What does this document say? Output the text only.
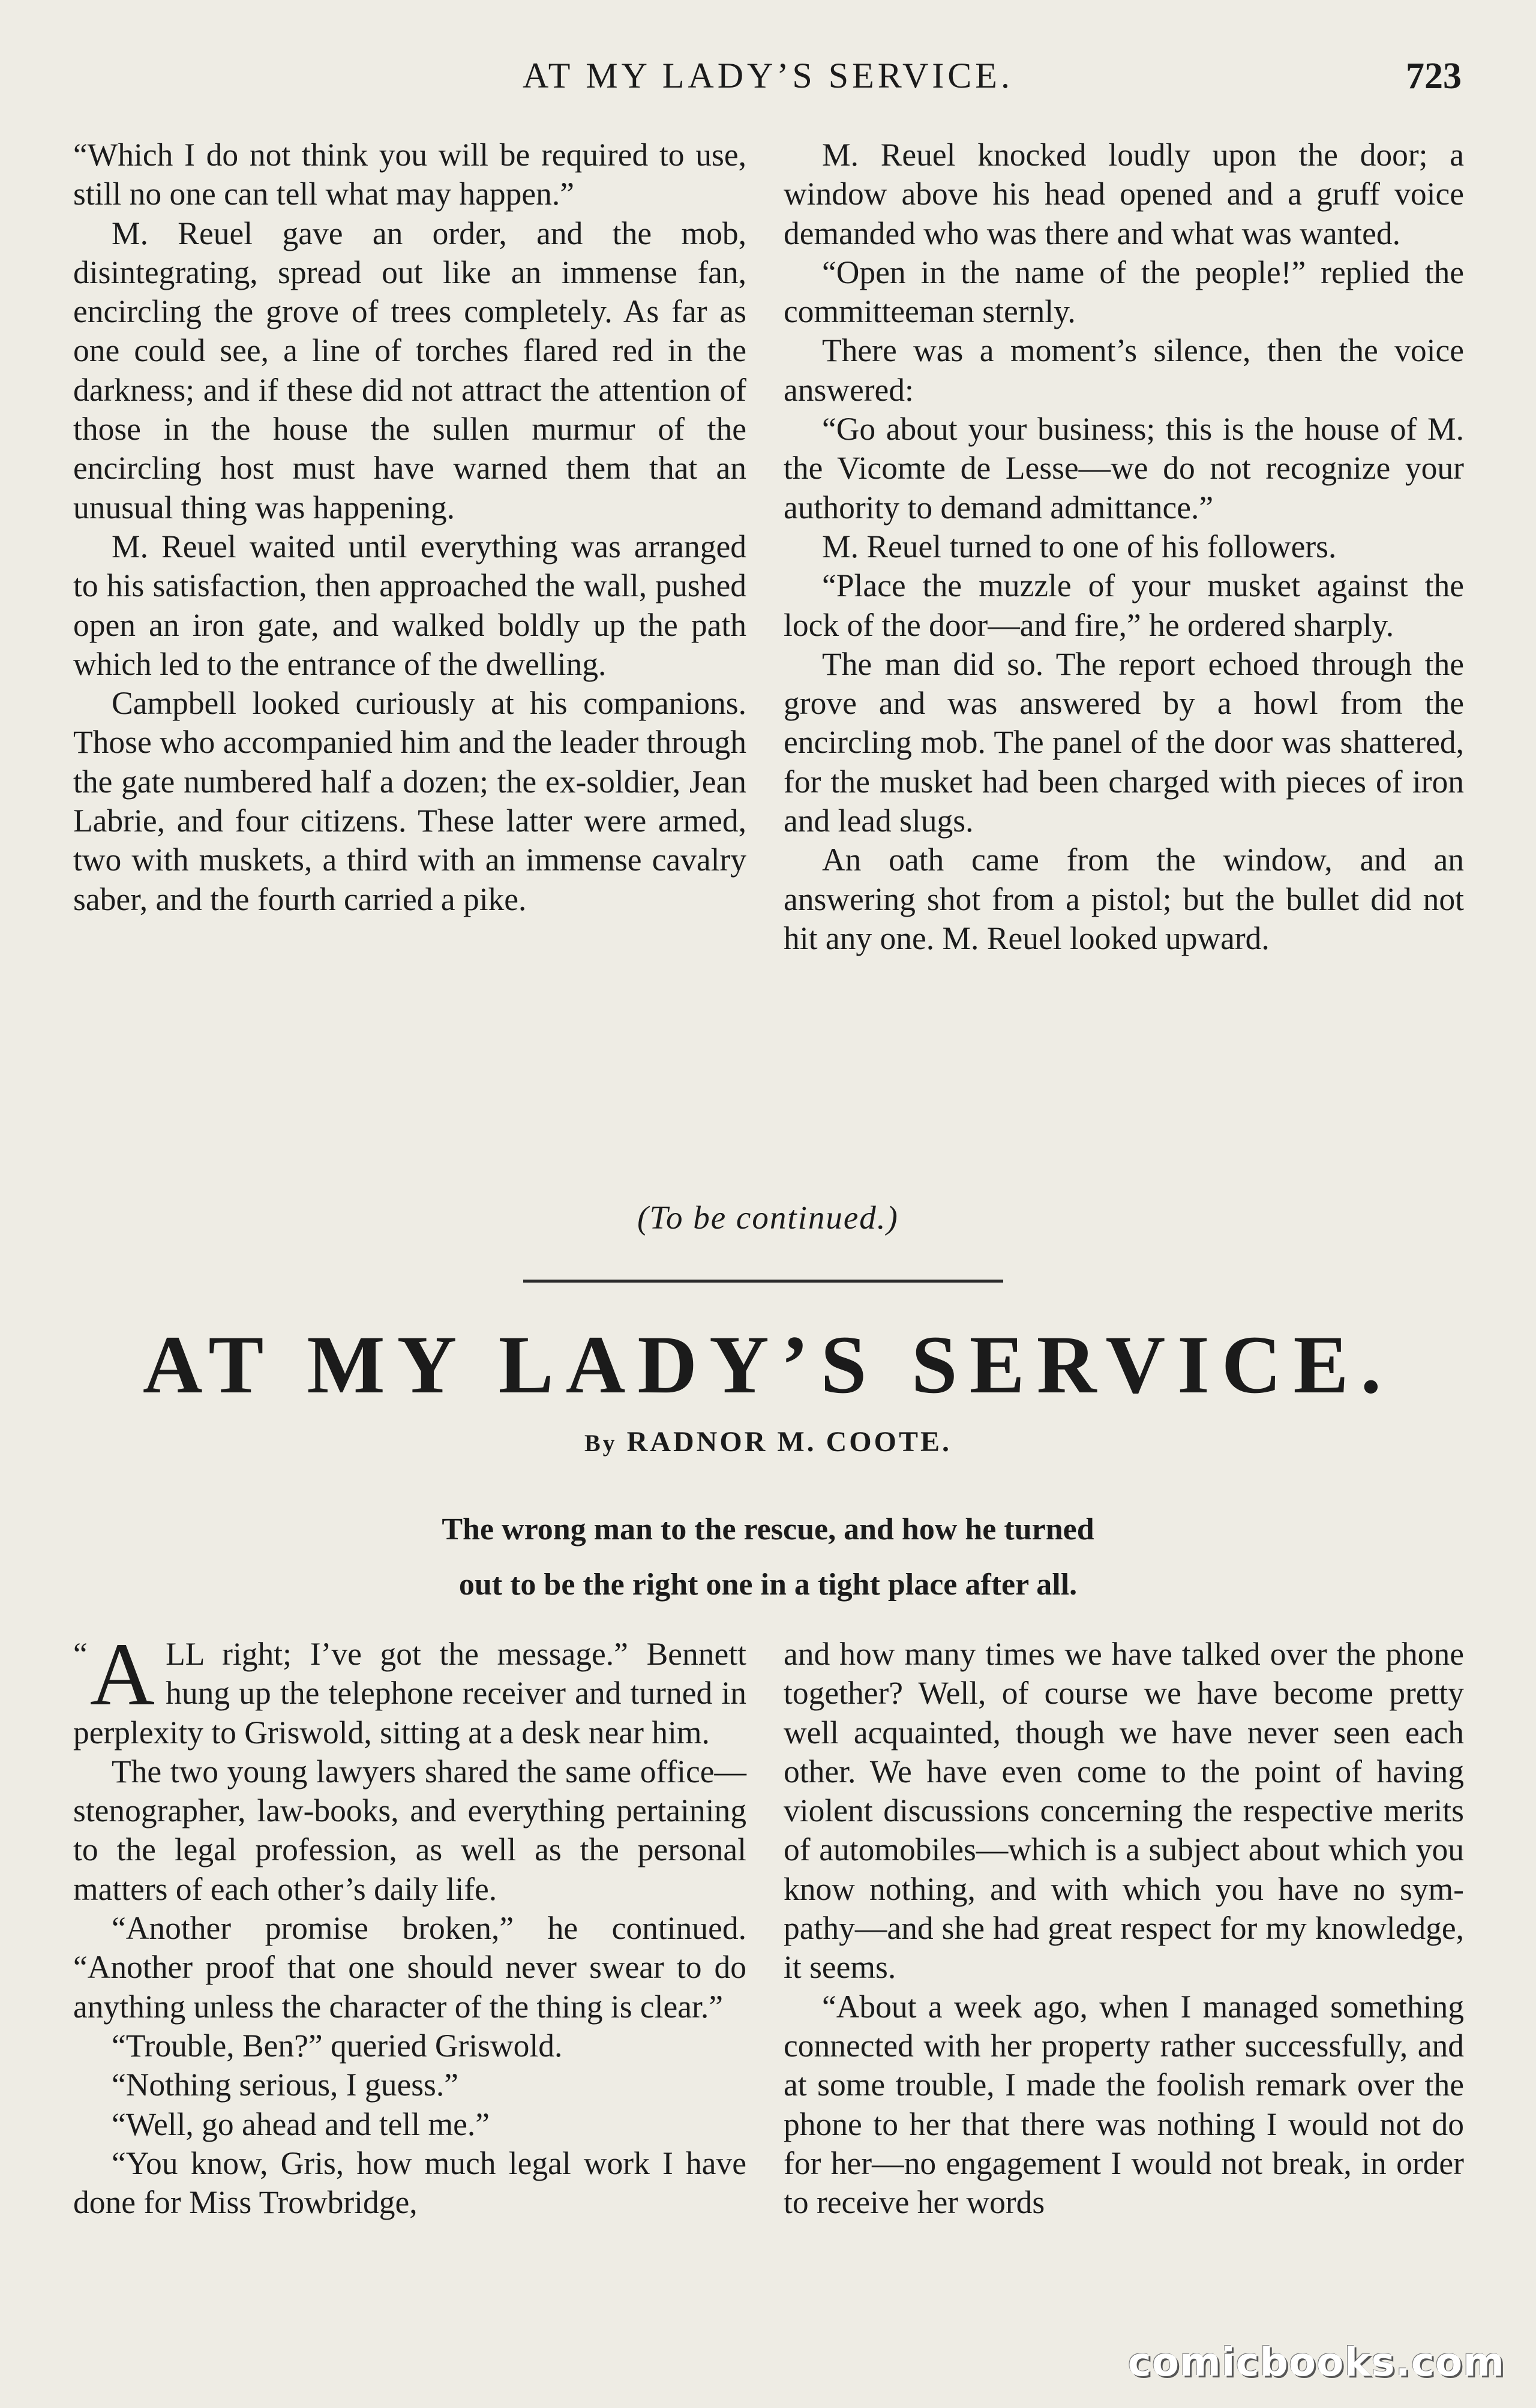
AT MY LADY’S SERVICE.	723

“Which I do not think you will be required to use, still no one can tell what may happen.”

M. Reuel gave an order, and the mob, disintegrating, spread out like an immense fan, encircling the grove of trees completely. As far as one could see, a line of torches flared red in the darkness; and if these did not attract the attention of those in the house the sullen murmur of the encircling host must have warned them that an unusual thing was happening.

M. Reuel waited until everything was arranged to his satisfaction, then approached the wall, pushed open an iron gate, and walked boldly up the path which led to the entrance of the dwelling.

Campbell looked curiously at his companions. Those who accompanied him and the leader through the gate numbered half a dozen; the ex-soldier, Jean Labrie, and four citizens. These latter were armed, two with muskets, a third with an immense cavalry saber, and the fourth carried a pike.

M. Reuel knocked loudly upon the door; a window above his head opened and a gruff voice demanded who was there and what was wanted.

“Open in the name of the people!” replied the committeeman sternly.

There was a moment’s silence, then the voice answered:

“Go about your business; this is the house of M. the Vicomte de Lesse—we do not recognize your authority to demand admittance.”

M. Reuel turned to one of his followers.

“Place the muzzle of your musket against the lock of the door—and fire,” he ordered sharply.

The man did so. The report echoed through the grove and was answered by a howl from the encircling mob. The panel of the door was shattered, for the musket had been charged with pieces of iron and lead slugs.

An oath came from the window, and an answering shot from a pistol; but the bullet did not hit any one. M. Reuel looked upward.

(To be continued.)
AT MY LADY’S SERVICE.
By RADNOR M. COOTE.
The wrong man to the rescue, and how he turned
out to be the right one in a tight place after all.

“ A LL right; I’ve got the message.” Bennett hung up the telephone receiver and turned in perplexity to Griswold, sitting at a desk near him.

The two young lawyers shared the same office—stenographer, law-books, and everything pertaining to the legal profession, as well as the personal matters of each other’s daily life.

“Another promise broken,” he continued. “Another proof that one should never swear to do anything unless the character of the thing is clear.”

“Trouble, Ben?” queried Griswold.

“Nothing serious, I guess.”

“Well, go ahead and tell me.”

“You know, Gris, how much legal work I have done for Miss Trowbridge,

and how many times we have talked over the phone together? Well, of course we have become pretty well acquainted, though we have never seen each other. We have even come to the point of having violent discussions concerning the respective merits of automobiles—which is a subject about which you know nothing, and with which you have no sympathy—and she had great respect for my knowledge, it seems.

“About a week ago, when I managed something connected with her property rather successfully, and at some trouble, I made the foolish remark over the phone to her that there was nothing I would not do for her—no engagement I would not break, in order to receive her words

comicbooks.com
